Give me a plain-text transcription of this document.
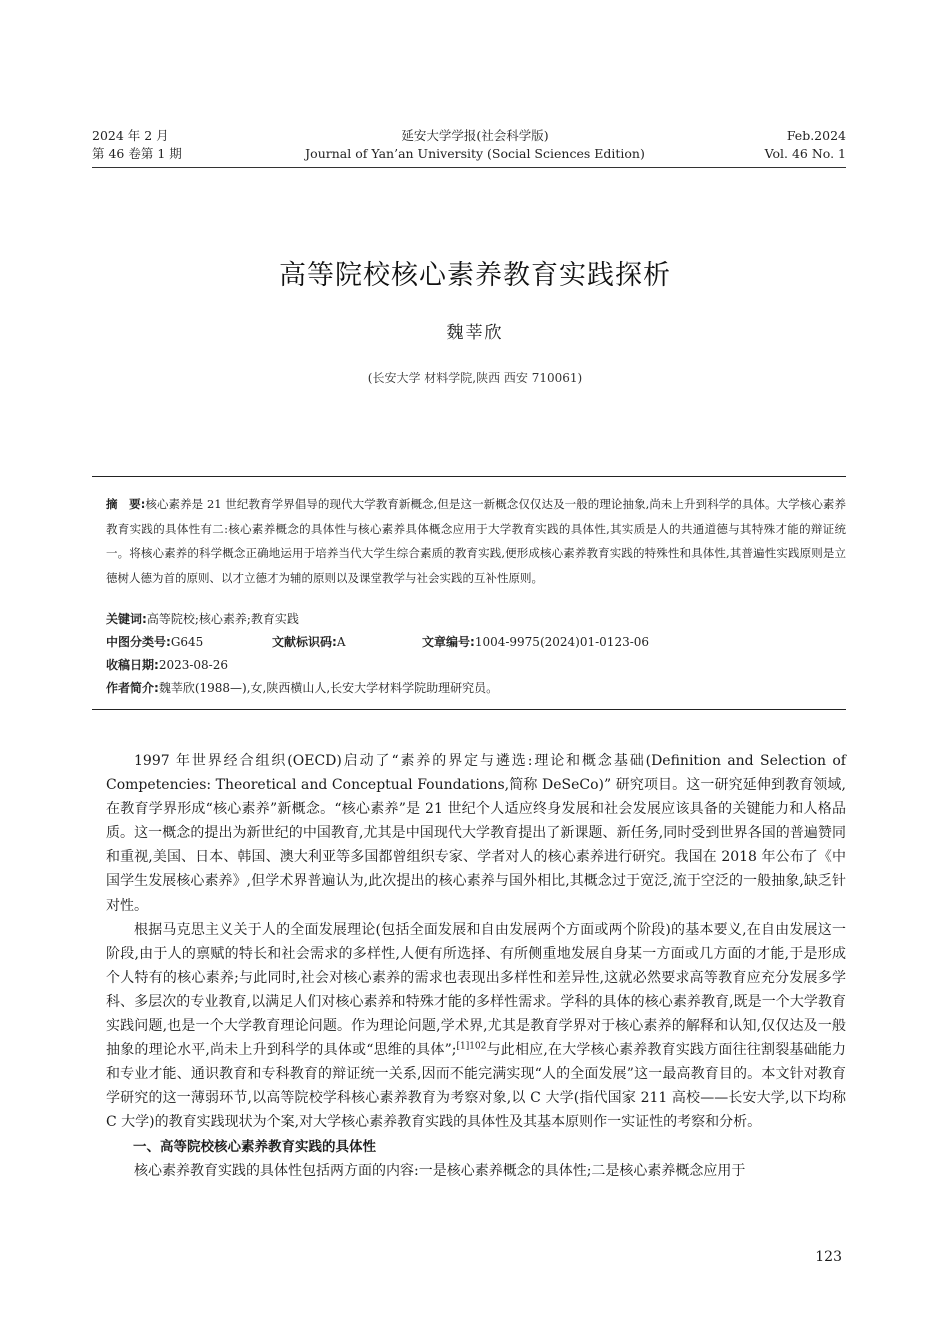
2024 年 2 月
第 46 卷第 1 期
延安大学学报(社会科学版)
Journal of Yan’an University (Social Sciences Edition)
Feb.2024
Vol. 46 No. 1
高等院校核心素养教育实践探析
魏莘欣
(长安大学 材料学院,陕西 西安 710061)
摘　要:核心素养是 21 世纪教育学界倡导的现代大学教育新概念,但是这一新概念仅仅达及一般的理论抽象,尚未上升到科学的具体。大学核心素养教育实践的具体性有二:核心素养概念的具体性与核心素养具体概念应用于大学教育实践的具体性,其实质是人的共通道德与其特殊才能的辩证统一。将核心素养的科学概念正确地运用于培养当代大学生综合素质的教育实践,便形成核心素养教育实践的特殊性和具体性,其普遍性实践原则是立德树人德为首的原则、以才立德才为辅的原则以及课堂教学与社会实践的互补性原则。
关键词:高等院校;核心素养;教育实践
中图分类号:G645	文献标识码:A	文章编号:1004-9975(2024)01-0123-06
收稿日期:2023-08-26
作者简介:魏莘欣(1988—),女,陕西横山人,长安大学材料学院助理研究员。

1997 年世界经合组织(OECD)启动了“素养的界定与遴选:理论和概念基础(Definition and Selection of Competencies: Theoretical and Conceptual Foundations,简称 DeSeCo)” 研究项目。这一研究延伸到教育领域,在教育学界形成“核心素养”新概念。“核心素养”是 21 世纪个人适应终身发展和社会发展应该具备的关键能力和人格品质。这一概念的提出为新世纪的中国教育,尤其是中国现代大学教育提出了新课题、新任务,同时受到世界各国的普遍赞同和重视,美国、日本、韩国、澳大利亚等多国都曾组织专家、学者对人的核心素养进行研究。我国在 2018 年公布了《中国学生发展核心素养》,但学术界普遍认为,此次提出的核心素养与国外相比,其概念过于宽泛,流于空泛的一般抽象,缺乏针对性。

根据马克思主义关于人的全面发展理论(包括全面发展和自由发展两个方面或两个阶段)的基本要义,在自由发展这一阶段,由于人的禀赋的特长和社会需求的多样性,人便有所选择、有所侧重地发展自身某一方面或几方面的才能,于是形成个人特有的核心素养;与此同时,社会对核心素养的需求也表现出多样性和差异性,这就必然要求高等教育应充分发展多学科、多层次的专业教育,以满足人们对核心素养和特殊才能的多样性需求。学科的具体的核心素养教育,既是一个大学教育实践问题,也是一个大学教育理论问题。作为理论问题,学术界,尤其是教育学界对于核心素养的解释和认知,仅仅达及一般抽象的理论水平,尚未上升到科学的具体或“思维的具体”;$^{[1]102}$与此相应,在大学核心素养教育实践方面往往割裂基础能力和专业才能、通识教育和专科教育的辩证统一关系,因而不能完满实现“人的全面发展”这一最高教育目的。本文针对教育学研究的这一薄弱环节,以高等院校学科核心素养教育为考察对象,以 C 大学(指代国家 211 高校——长安大学,以下均称 C 大学)的教育实践现状为个案,对大学核心素养教育实践的具体性及其基本原则作一实证性的考察和分析。

一、高等院校核心素养教育实践的具体性

核心素养教育实践的具体性包括两方面的内容:一是核心素养概念的具体性;二是核心素养概念应用于

123
